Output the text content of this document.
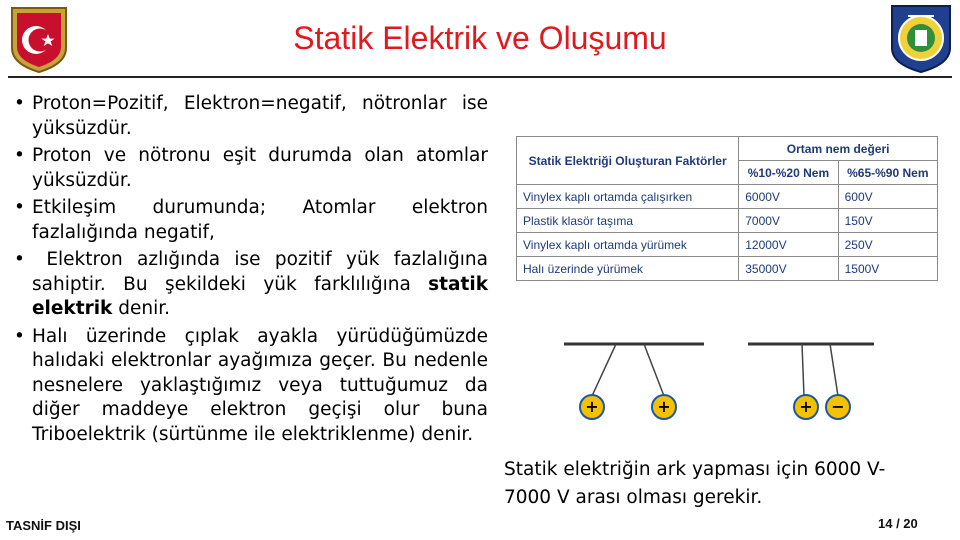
Statik Elektrik ve Oluşumu

• Proton=Pozitif, Elektron=negatif, nötronlar ise yüksüzdür.

• Proton ve nötronu eşit durumda olan atomlar yüksüzdür.

• Etkileşim durumunda; Atomlar elektron fazlalığında negatif,

• Elektron azlığında ise pozitif yük fazlalığına sahiptir. Bu şekildeki yük farklılığına statik elektrik denir.

• Halı üzerinde çıplak ayakla yürüdüğümüzde halıdaki elektronlar ayağımıza geçer. Bu nedenle nesnelere yaklaştığımız veya tuttuğumuz da diğer maddeye elektron geçişi olur buna Triboelektrik (sürtünme ile elektriklenme) denir.

Statik Elektriği Oluşturan Faktörler	Ortam nem değeri	
	%10-%20 Nem	%65-%90 Nem
Vinylex kaplı ortamda çalışırken	6000V	600V
Plastik klasör taşıma	7000V	150V
Vinylex kaplı ortamda yürümek	12000V	250V
Halı üzerinde yürümek	35000V	1500V
+	+	+ −
Statik elektriğin ark yapması için 6000 V-
7000 V arası olması gerekir.
TASNİF DIŞI	14 / 20
